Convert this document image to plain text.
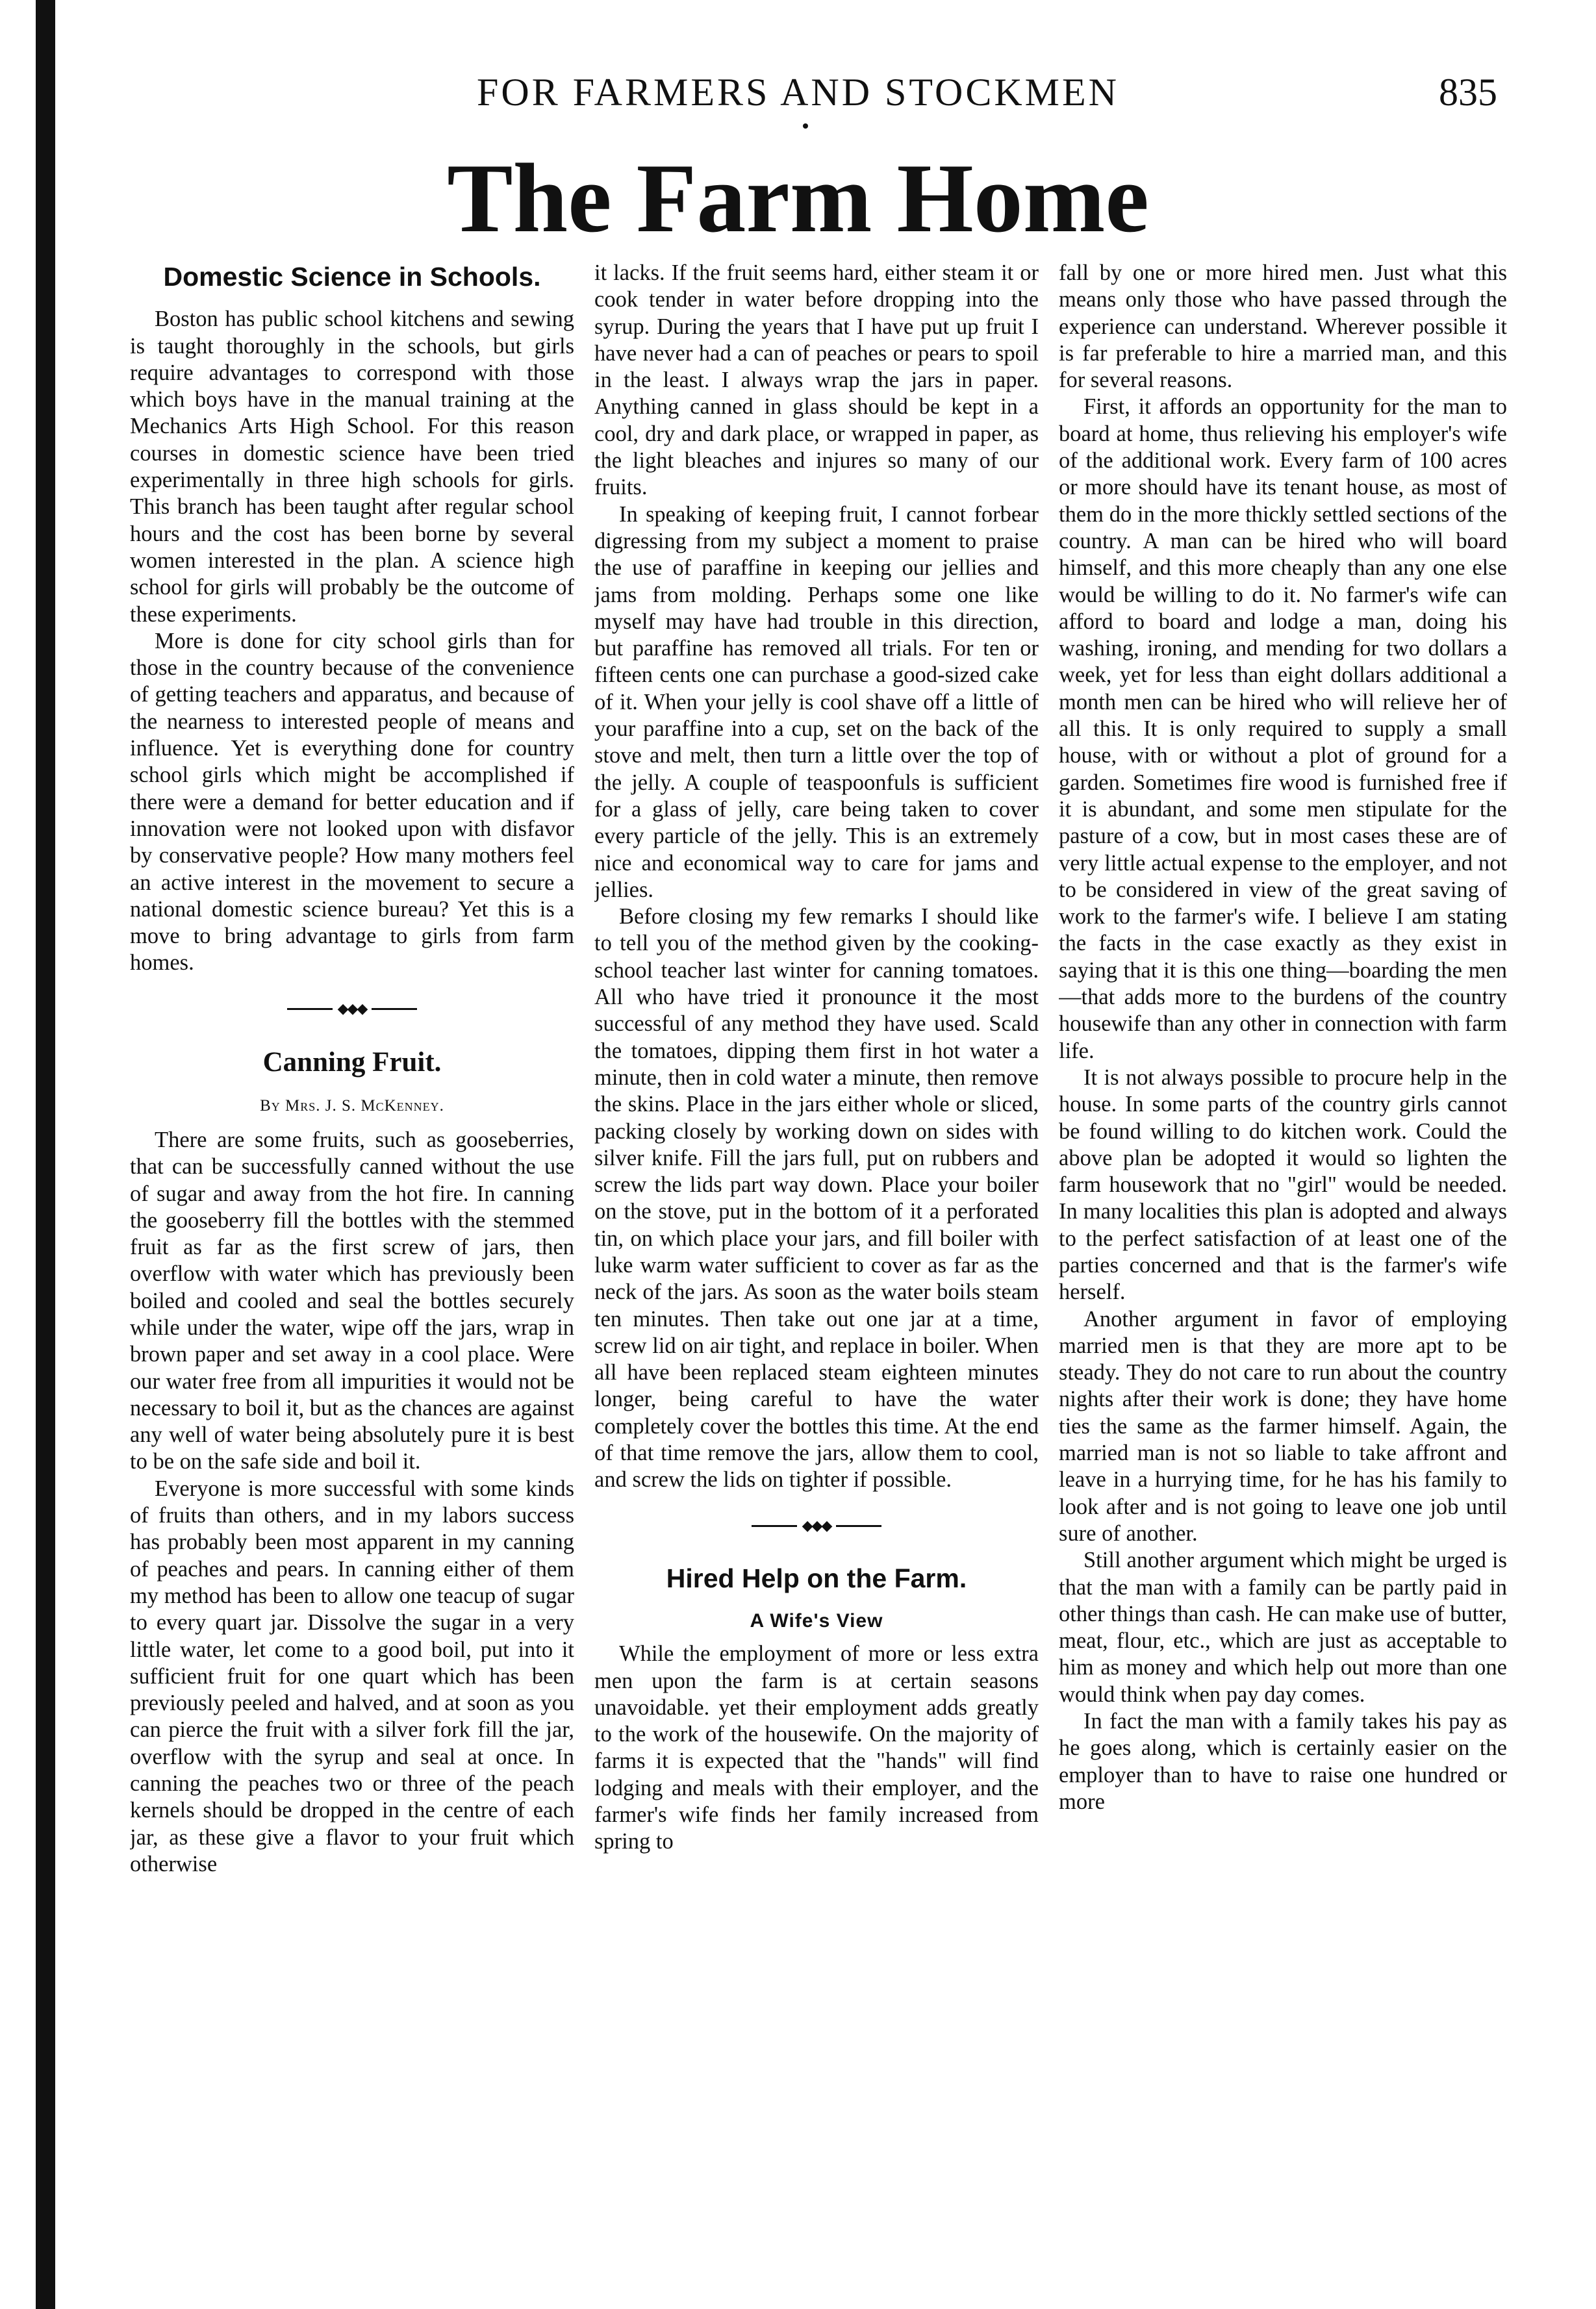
FOR FARMERS AND STOCKMEN	835
The Farm Home
Domestic Science in Schools.

Boston has public school kitchens and sewing is taught thoroughly in the schools, but girls require advantages to correspond with those which boys have in the manual training at the Mechanics Arts High School. For this reason courses in domestic science have been tried experimentally in three high schools for girls. This branch has been taught after regular school hours and the cost has been borne by several women interested in the plan. A science high school for girls will probably be the outcome of these experiments.

More is done for city school girls than for those in the country because of the convenience of getting teachers and apparatus, and because of the nearness to interested people of means and influence. Yet is everything done for country school girls which might be accomplished if there were a demand for better education and if innovation were not looked upon with disfavor by conservative people? How many mothers feel an active interest in the movement to secure a national domestic science bureau? Yet this is a move to bring advantage to girls from farm homes.

◆◆◆
Canning Fruit.
By Mrs. J. S. McKenney.

There are some fruits, such as gooseberries, that can be successfully canned without the use of sugar and away from the hot fire. In canning the gooseberry fill the bottles with the stemmed fruit as far as the first screw of jars, then overflow with water which has previously been boiled and cooled and seal the bottles securely while under the water, wipe off the jars, wrap in brown paper and set away in a cool place. Were our water free from all impurities it would not be necessary to boil it, but as the chances are against any well of water being absolutely pure it is best to be on the safe side and boil it.

Everyone is more successful with some kinds of fruits than others, and in my labors success has probably been most apparent in my canning of peaches and pears. In canning either of them my method has been to allow one teacup of sugar to every quart jar. Dissolve the sugar in a very little water, let come to a good boil, put into it sufficient fruit for one quart which has been previously peeled and halved, and at soon as you can pierce the fruit with a silver fork fill the jar, overflow with the syrup and seal at once. In canning the peaches two or three of the peach kernels should be dropped in the centre of each jar, as these give a flavor to your fruit which otherwise

it lacks. If the fruit seems hard, either steam it or cook tender in water before dropping into the syrup. During the years that I have put up fruit I have never had a can of peaches or pears to spoil in the least. I always wrap the jars in paper. Anything canned in glass should be kept in a cool, dry and dark place, or wrapped in paper, as the light bleaches and injures so many of our fruits.

In speaking of keeping fruit, I cannot forbear digressing from my subject a moment to praise the use of paraffine in keeping our jellies and jams from molding. Perhaps some one like myself may have had trouble in this direction, but paraffine has removed all trials. For ten or fifteen cents one can purchase a good-sized cake of it. When your jelly is cool shave off a little of your paraffine into a cup, set on the back of the stove and melt, then turn a little over the top of the jelly. A couple of teaspoonfuls is sufficient for a glass of jelly, care being taken to cover every particle of the jelly. This is an extremely nice and economical way to care for jams and jellies.

Before closing my few remarks I should like to tell you of the method given by the cooking-school teacher last winter for canning tomatoes. All who have tried it pronounce it the most successful of any method they have used. Scald the tomatoes, dipping them first in hot water a minute, then in cold water a minute, then remove the skins. Place in the jars either whole or sliced, packing closely by working down on sides with silver knife. Fill the jars full, put on rubbers and screw the lids part way down. Place your boiler on the stove, put in the bottom of it a perforated tin, on which place your jars, and fill boiler with luke warm water sufficient to cover as far as the neck of the jars. As soon as the water boils steam ten minutes. Then take out one jar at a time, screw lid on air tight, and replace in boiler. When all have been replaced steam eighteen minutes longer, being careful to have the water completely cover the bottles this time. At the end of that time remove the jars, allow them to cool, and screw the lids on tighter if possible.

◆◆◆
Hired Help on the Farm.
A Wife's View

While the employment of more or less extra men upon the farm is at certain seasons unavoidable. yet their employment adds greatly to the work of the housewife. On the majority of farms it is expected that the "hands" will find lodging and meals with their employer, and the farmer's wife finds her family increased from spring to

fall by one or more hired men. Just what this means only those who have passed through the experience can understand. Wherever possible it is far preferable to hire a married man, and this for several reasons.

First, it affords an opportunity for the man to board at home, thus relieving his employer's wife of the additional work. Every farm of 100 acres or more should have its tenant house, as most of them do in the more thickly settled sections of the country. A man can be hired who will board himself, and this more cheaply than any one else would be willing to do it. No farmer's wife can afford to board and lodge a man, doing his washing, ironing, and mending for two dollars a week, yet for less than eight dollars additional a month men can be hired who will relieve her of all this. It is only required to supply a small house, with or without a plot of ground for a garden. Sometimes fire wood is furnished free if it is abundant, and some men stipulate for the pasture of a cow, but in most cases these are of very little actual expense to the employer, and not to be considered in view of the great saving of work to the farmer's wife. I believe I am stating the facts in the case exactly as they exist in saying that it is this one thing—boarding the men—that adds more to the burdens of the country housewife than any other in connection with farm life.

It is not always possible to procure help in the house. In some parts of the country girls cannot be found willing to do kitchen work. Could the above plan be adopted it would so lighten the farm housework that no "girl" would be needed. In many localities this plan is adopted and always to the perfect satisfaction of at least one of the parties concerned and that is the farmer's wife herself.

Another argument in favor of employing married men is that they are more apt to be steady. They do not care to run about the country nights after their work is done; they have home ties the same as the farmer himself. Again, the married man is not so liable to take affront and leave in a hurrying time, for he has his family to look after and is not going to leave one job until sure of another.

Still another argument which might be urged is that the man with a family can be partly paid in other things than cash. He can make use of butter, meat, flour, etc., which are just as acceptable to him as money and which help out more than one would think when pay day comes.

In fact the man with a family takes his pay as he goes along, which is certainly easier on the employer than to have to raise one hundred or more
